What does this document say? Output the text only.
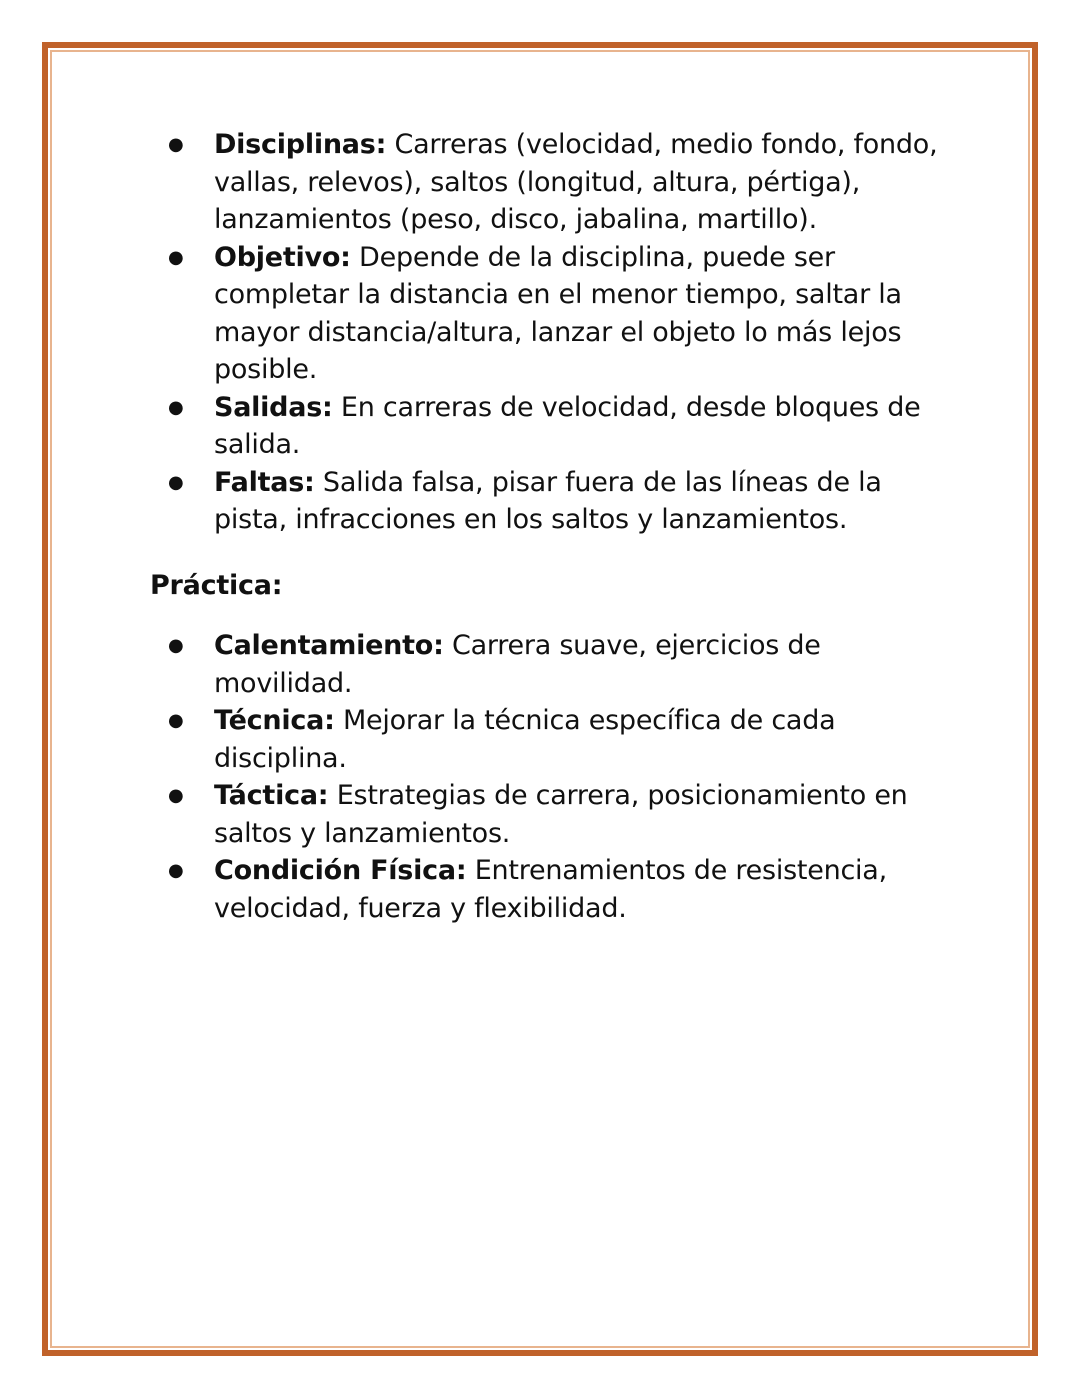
● Disciplinas: Carreras (velocidad, medio fondo, fondo, vallas, relevos), saltos (longitud, altura, pértiga), lanzamientos (peso, disco, jabalina, martillo).
● Objetivo: Depende de la disciplina, puede ser completar la distancia en el menor tiempo, saltar la mayor distancia/altura, lanzar el objeto lo más lejos posible.
● Salidas: En carreras de velocidad, desde bloques de salida.
● Faltas: Salida falsa, pisar fuera de las líneas de la pista, infracciones en los saltos y lanzamientos.
Práctica:
● Calentamiento: Carrera suave, ejercicios de movilidad.
● Técnica: Mejorar la técnica específica de cada disciplina.
● Táctica: Estrategias de carrera, posicionamiento en saltos y lanzamientos.
● Condición Física: Entrenamientos de resistencia, velocidad, fuerza y flexibilidad.
